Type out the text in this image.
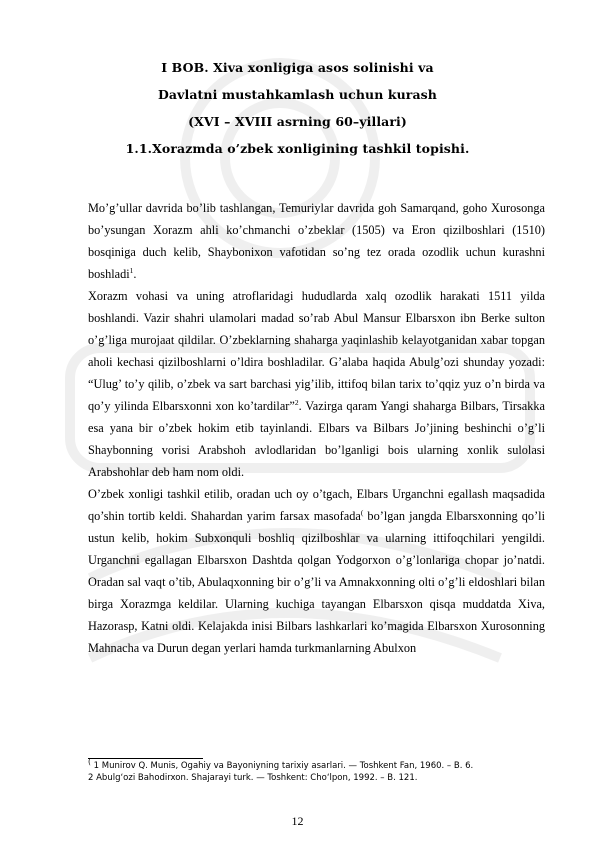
I BOB. Xiva xonligiga asos solinishi va
Davlatni mustahkamlash uchun kurash
(XVI – XVIII asrning 60–yillari)
1.1.Xorazmda o’zbek xonligining tashkil topishi.

Mo’g’ullar davrida bo’lib tashlangan, Temuriylar davrida goh Samarqand, goho Xurosonga bo’ysungan Xorazm ahli ko’chmanchi o’zbeklar (1505) va Eron qizilboshlari (1510) bosqiniga duch kelib, Shaybonixon vafotidan so’ng tez orada ozodlik uchun kurashni boshladi$^1$.

Xorazm vohasi va uning atroflaridagi hududlarda xalq ozodlik harakati 1511 yilda boshlandi. Vazir shahri ulamolari madad so’rab Abul Mansur Elbarsxon ibn Berke sulton o’g’liga murojaat qildilar. O’zbeklarning shaharga yaqinlashib kelayotganidan xabar topgan aholi kechasi qizilboshlarni o’ldira boshladilar. G’alaba haqida Abulg’ozi shunday yozadi: “Ulug’ to’y qilib, o’zbek va sart barchasi yig’ilib, ittifoq bilan tarix to’qqiz yuz o’n birda va qo’y yilinda Elbarsxonni xon ko’tardilar”$^2$. Vazirga qaram Yangi shaharga Bilbars, Tirsakka esa yana bir o’zbek hokim etib tayinlandi. Elbars va Bilbars Jo’jining beshinchi o’g’li Shaybonning vorisi Arabshoh avlodlaridan bo’lganligi bois ularning xonlik sulolasi Arabshohlar deb ham nom oldi.

O’zbek xonligi tashkil etilib, oradan uch oy o’tgach, Elbars Urganchni egallash maqsadida qo’shin tortib keldi. Shahardan yarim farsax masofada( bo’lgan jangda Elbarsxonning qo’li ustun kelib, hokim Subxonquli boshliq qizilboshlar va ularning ittifoqchilari yengildi. Urganchni egallagan Elbarsxon Dashtda qolgan Yodgorxon o’g’lonlariga chopar jo’natdi. Oradan sal vaqt o’tib, Abulaqxonning bir o’g’li va Amnakxonning olti o’g’li eldoshlari bilan birga Xorazmga keldilar. Ularning kuchiga tayangan Elbarsxon qisqa muddatda Xiva, Hazorasp, Katni oldi. Kelajakda inisi Bilbars lashkarlari ko’magida Elbarsxon Xurosonning Mahnacha va Durun degan yerlari hamda turkmanlarning Abulxon

( 1 Munirov Q. Munis, Ogahiy va Bayoniyning tarixiy asarlari. — Toshkent Fan, 1960. – B. 6.
2 Abulg‘ozi Bahodirxon. Shajarayi turk. — Toshkent: Cho‘lpon, 1992. – B. 121.
12
